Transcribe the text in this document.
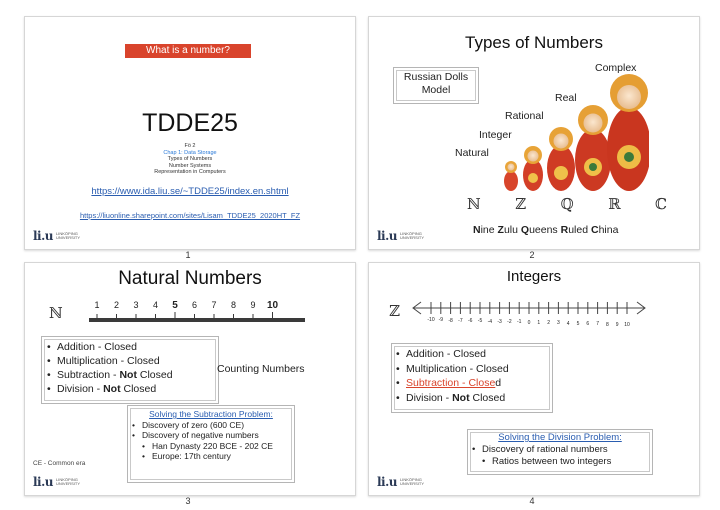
What is a number?
TDDE25
Fö 2
Chap 1: Data Storage
Types of Numbers
Number Systems
Representation in Computers
https://www.ida.liu.se/~TDDE25/index.en.shtml
https://liuonline.sharepoint.com/sites/Lisam_TDDE25_2020HT_FZ
li.u LINKÖPING UNIVERSITY
1
Types of Numbers
Russian Dolls
Model
Complex
Real
Rational
Integer
Natural
ℕ ℤ ℚ ℝ ℂ
Nine Zulu Queens Ruled China
li.u LINKÖPING UNIVERSITY
2
Natural Numbers
ℕ	1 2 3 4 5 6 7 8 9 10
• Addition - Closed
• Multiplication - Closed
• Subtraction - Not Closed
• Division - Not Closed
Counting Numbers
Solving the Subtraction Problem:
• Discovery of zero (600 CE)
• Discovery of negative numbers
• Han Dynasty 220 BCE - 202 CE
• Europe: 17th century
CE - Common era
li.u LINKÖPING UNIVERSITY
3
Integers
ℤ	-10 -9 -8 -7 -6 -5 -4 -3 -2 -1 0 1 2 3 4 5 6 7 8 9 10
• Addition - Closed
• Multiplication - Closed
• Subtraction - Closed
• Division - Not Closed
Solving the Division Problem:
• Discovery of rational numbers
• Ratios between two integers
li.u LINKÖPING UNIVERSITY
4
